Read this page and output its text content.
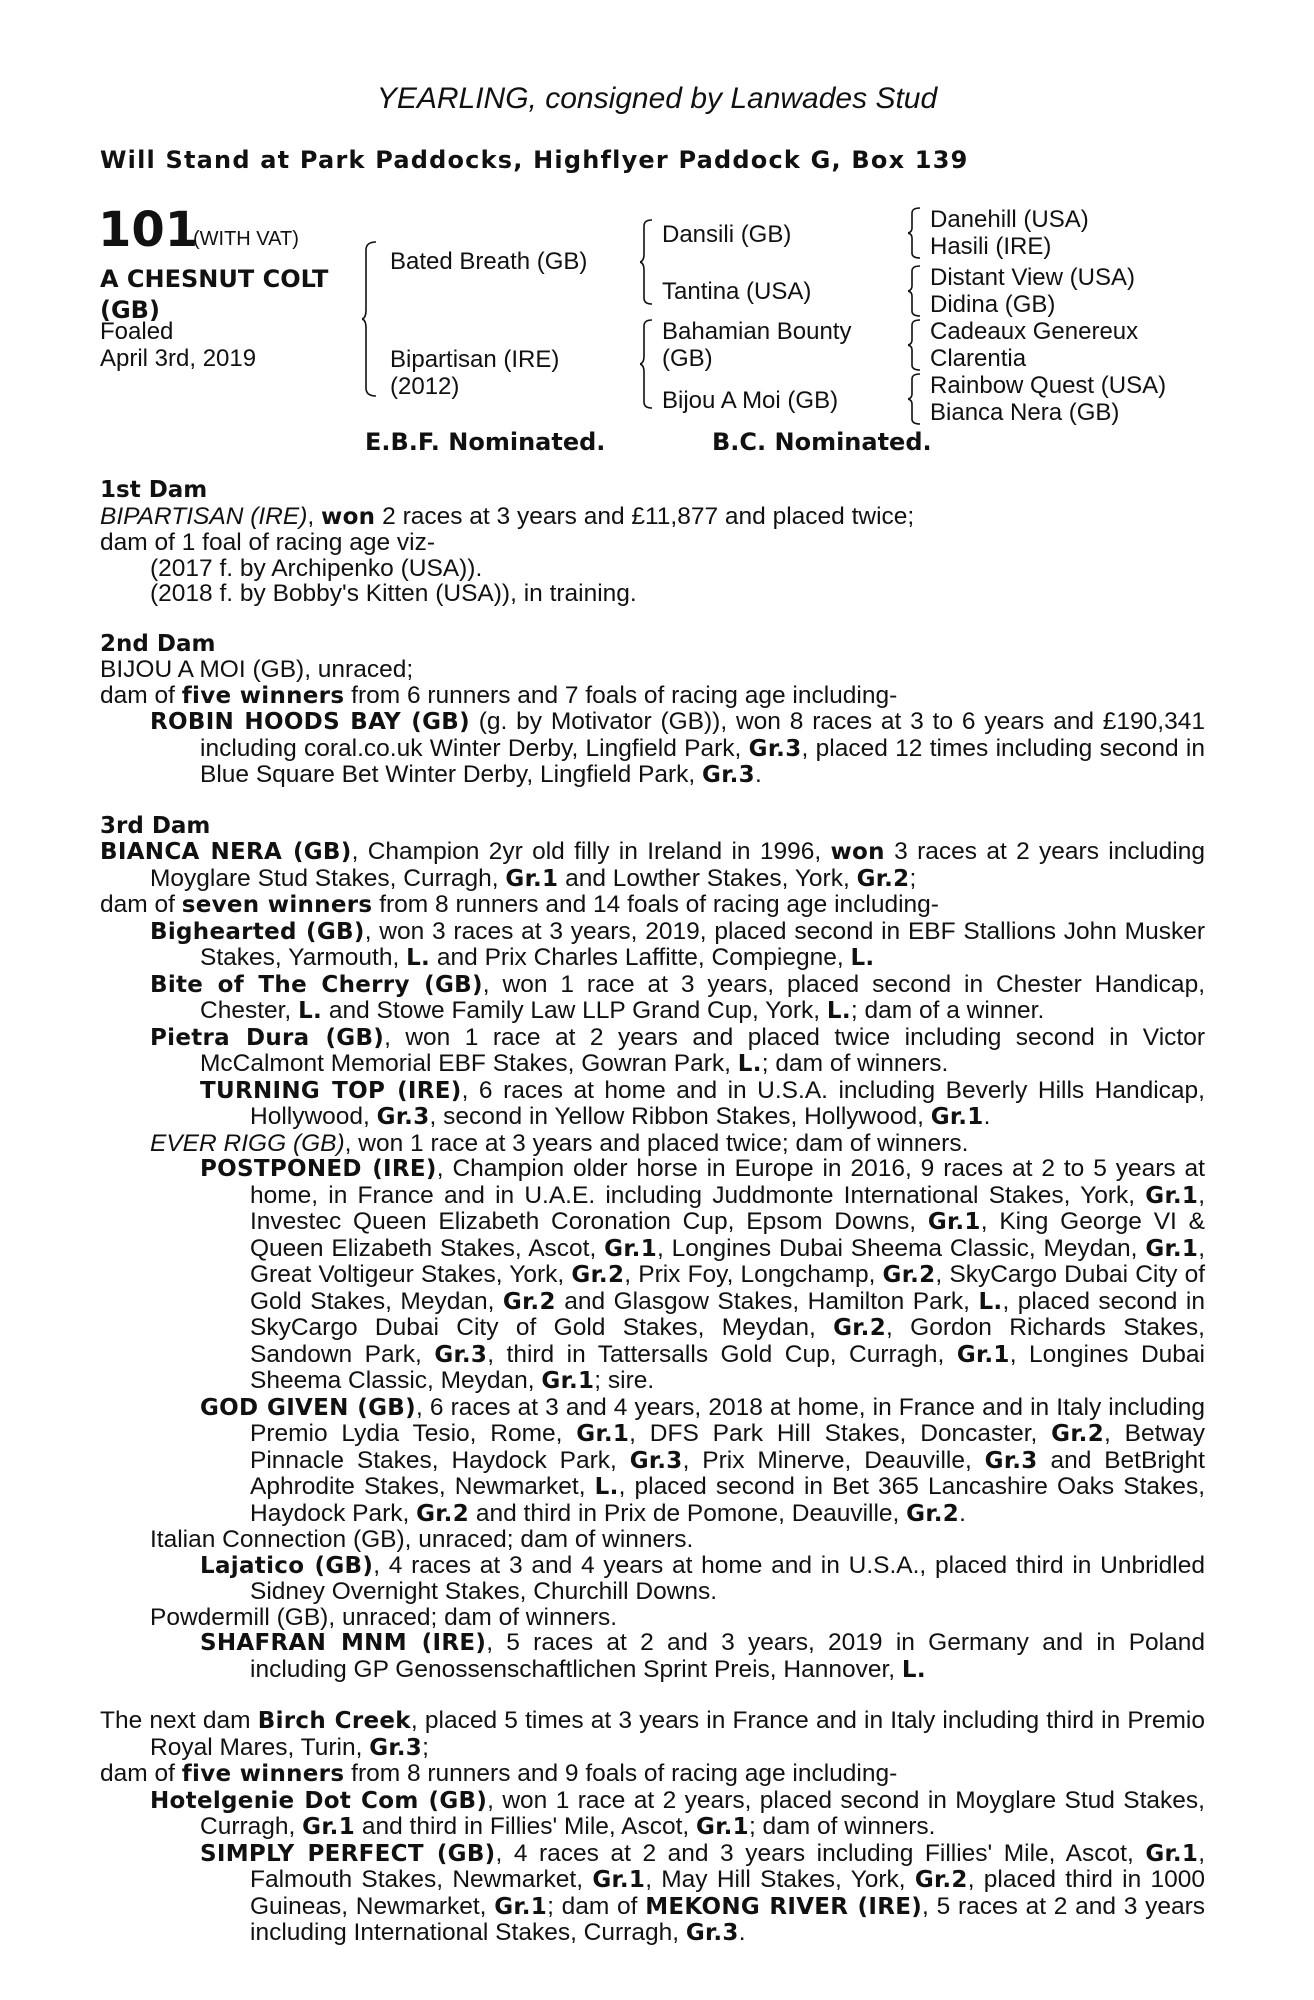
YEARLING, consigned by Lanwades Stud
Will Stand at Park Paddocks, Highflyer Paddock G, Box 139
101
(WITH VAT)
A CHESNUT COLT
(GB)
Foaled
April 3rd, 2019
Bated Breath (GB)
Bipartisan (IRE)
(2012)
Dansili (GB)
Tantina (USA)
Bahamian Bounty
(GB)
Bijou A Moi (GB)
Danehill (USA)
Hasili (IRE)
Distant View (USA)
Didina (GB)
Cadeaux Genereux
Clarentia
Rainbow Quest (USA)
Bianca Nera (GB)
E.B.F. Nominated.	B.C. Nominated.
1st Dam
BIPARTISAN (IRE), won 2 races at 3 years and £11,877 and placed twice;
dam of 1 foal of racing age viz-
(2017 f. by Archipenko (USA)).
(2018 f. by Bobby's Kitten (USA)), in training.
2nd Dam
BIJOU A MOI (GB), unraced;
dam of five winners from 6 runners and 7 foals of racing age including-
ROBIN HOODS BAY (GB) (g. by Motivator (GB)), won 8 races at 3 to 6 years and £190,341 including coral.co.uk Winter Derby, Lingfield Park, Gr.3, placed 12 times including second in Blue Square Bet Winter Derby, Lingfield Park, Gr.3.
3rd Dam
BIANCA NERA (GB), Champion 2yr old filly in Ireland in 1996, won 3 races at 2 years including Moyglare Stud Stakes, Curragh, Gr.1 and Lowther Stakes, York, Gr.2;
dam of seven winners from 8 runners and 14 foals of racing age including-
Bighearted (GB), won 3 races at 3 years, 2019, placed second in EBF Stallions John Musker Stakes, Yarmouth, L. and Prix Charles Laffitte, Compiegne, L.
Bite of The Cherry (GB), won 1 race at 3 years, placed second in Chester Handicap, Chester, L. and Stowe Family Law LLP Grand Cup, York, L.; dam of a winner.
Pietra Dura (GB), won 1 race at 2 years and placed twice including second in Victor McCalmont Memorial EBF Stakes, Gowran Park, L.; dam of winners.
TURNING TOP (IRE), 6 races at home and in U.S.A. including Beverly Hills Handicap, Hollywood, Gr.3, second in Yellow Ribbon Stakes, Hollywood, Gr.1.
EVER RIGG (GB), won 1 race at 3 years and placed twice; dam of winners.
POSTPONED (IRE), Champion older horse in Europe in 2016, 9 races at 2 to 5 years at home, in France and in U.A.E. including Juddmonte International Stakes, York, Gr.1, Investec Queen Elizabeth Coronation Cup, Epsom Downs, Gr.1, King George VI & Queen Elizabeth Stakes, Ascot, Gr.1, Longines Dubai Sheema Classic, Meydan, Gr.1, Great Voltigeur Stakes, York, Gr.2, Prix Foy, Longchamp, Gr.2, SkyCargo Dubai City of Gold Stakes, Meydan, Gr.2 and Glasgow Stakes, Hamilton Park, L., placed second in SkyCargo Dubai City of Gold Stakes, Meydan, Gr.2, Gordon Richards Stakes, Sandown Park, Gr.3, third in Tattersalls Gold Cup, Curragh, Gr.1, Longines Dubai Sheema Classic, Meydan, Gr.1; sire.
GOD GIVEN (GB), 6 races at 3 and 4 years, 2018 at home, in France and in Italy including Premio Lydia Tesio, Rome, Gr.1, DFS Park Hill Stakes, Doncaster, Gr.2, Betway Pinnacle Stakes, Haydock Park, Gr.3, Prix Minerve, Deauville, Gr.3 and BetBright Aphrodite Stakes, Newmarket, L., placed second in Bet 365 Lancashire Oaks Stakes, Haydock Park, Gr.2 and third in Prix de Pomone, Deauville, Gr.2.
Italian Connection (GB), unraced; dam of winners.
Lajatico (GB), 4 races at 3 and 4 years at home and in U.S.A., placed third in Unbridled Sidney Overnight Stakes, Churchill Downs.
Powdermill (GB), unraced; dam of winners.
SHAFRAN MNM (IRE), 5 races at 2 and 3 years, 2019 in Germany and in Poland including GP Genossenschaftlichen Sprint Preis, Hannover, L.
The next dam Birch Creek, placed 5 times at 3 years in France and in Italy including third in Premio Royal Mares, Turin, Gr.3;
dam of five winners from 8 runners and 9 foals of racing age including-
Hotelgenie Dot Com (GB), won 1 race at 2 years, placed second in Moyglare Stud Stakes, Curragh, Gr.1 and third in Fillies' Mile, Ascot, Gr.1; dam of winners.
SIMPLY PERFECT (GB), 4 races at 2 and 3 years including Fillies' Mile, Ascot, Gr.1, Falmouth Stakes, Newmarket, Gr.1, May Hill Stakes, York, Gr.2, placed third in 1000 Guineas, Newmarket, Gr.1; dam of MEKONG RIVER (IRE), 5 races at 2 and 3 years including International Stakes, Curragh, Gr.3.
